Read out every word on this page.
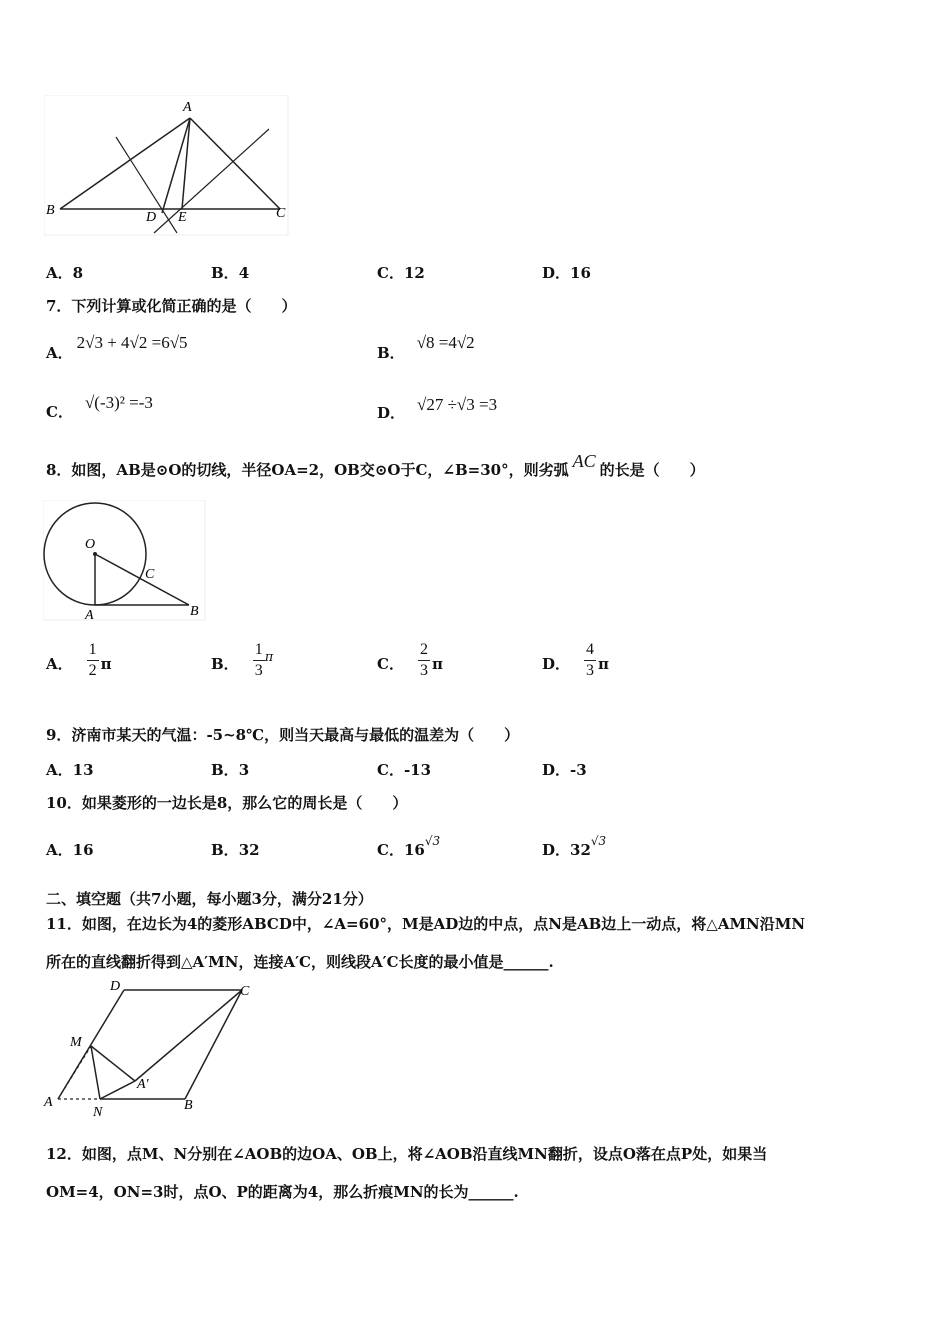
A
B	C
D E
A．8	B．4	C．12	D．16
7．下列计算或化简正确的是（　　）
A．2√3 + 4√2 =6√5
B．√8 =4√2
C． √(-3)² =-3
D． √27 ÷√3 =3
8．如图，AB是⊙O的切线，半径OA=2，OB交⊙O于C，∠B=30°，则劣弧 AC 的长是（　　）
O
C
A	B
A． $\frac{1}{2}$ π	B． $\frac{1}{3}$ π	C． $\frac{2}{3}$ π	D． $\frac{4}{3}$ π
9．济南市某天的气温：-5~8℃，则当天最高与最低的温差为（　　）
A．13	B．3	C．-13	D．-3
10．如果菱形的一边长是8，那么它的周长是（　　）
A．16	B．32	C．$16^{√3}$	D．$32^{√3}$
二、填空题（共7小题，每小题3分，满分21分）
11．如图，在边长为4的菱形ABCD中，∠A=60°，M是AD边的中点，点N是AB边上一动点，将△AMN沿MN
所在的直线翻折得到△A′MN，连接A′C，则线段A′C长度的最小值是______.
D	C
M
A′
A
N	B
12．如图，点M、N分别在∠AOB的边OA、OB上，将∠AOB沿直线MN翻折，设点O落在点P处，如果当
OM=4，ON=3时，点O、P的距离为4，那么折痕MN的长为______.
